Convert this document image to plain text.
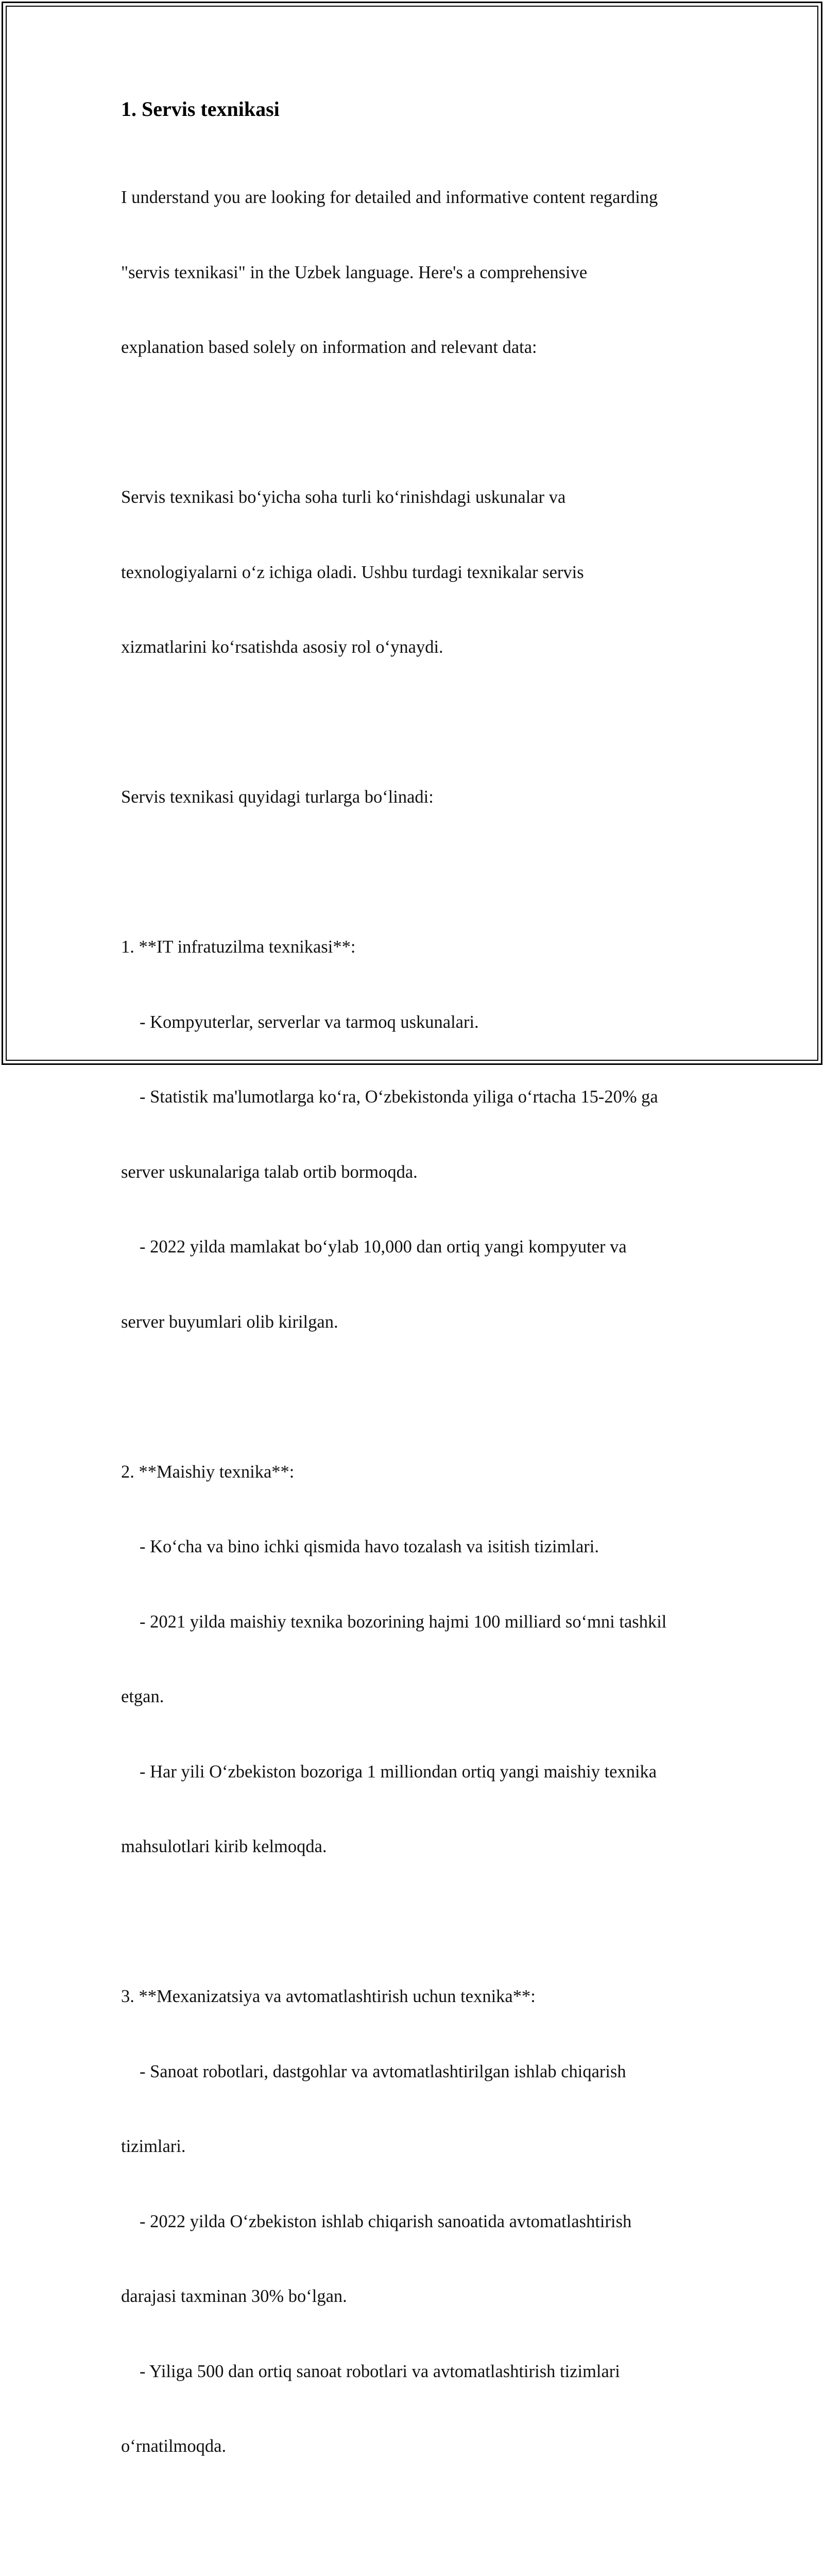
1. Servis texnikasi

I understand you are looking for detailed and informative content regarding

"servis texnikasi" in the Uzbek language. Here's a comprehensive

explanation based solely on information and relevant data:

Servis texnikasi bo‘yicha soha turli ko‘rinishdagi uskunalar va

texnologiyalarni o‘z ichiga oladi. Ushbu turdagi texnikalar servis

xizmatlarini ko‘rsatishda asosiy rol o‘ynaydi.

Servis texnikasi quyidagi turlarga bo‘linadi:

1. **IT infratuzilma texnikasi**:

- Kompyuterlar, serverlar va tarmoq uskunalari.

- Statistik ma'lumotlarga ko‘ra, O‘zbekistonda yiliga o‘rtacha 15-20% ga

server uskunalariga talab ortib bormoqda.

- 2022 yilda mamlakat bo‘ylab 10,000 dan ortiq yangi kompyuter va

server buyumlari olib kirilgan.

2. **Maishiy texnika**:

- Ko‘cha va bino ichki qismida havo tozalash va isitish tizimlari.

- 2021 yilda maishiy texnika bozorining hajmi 100 milliard so‘mni tashkil

etgan.

- Har yili O‘zbekiston bozoriga 1 milliondan ortiq yangi maishiy texnika

mahsulotlari kirib kelmoqda.

3. **Mexanizatsiya va avtomatlashtirish uchun texnika**:

- Sanoat robotlari, dastgohlar va avtomatlashtirilgan ishlab chiqarish

tizimlari.

- 2022 yilda O‘zbekiston ishlab chiqarish sanoatida avtomatlashtirish

darajasi taxminan 30% bo‘lgan.

- Yiliga 500 dan ortiq sanoat robotlari va avtomatlashtirish tizimlari

o‘rnatilmoqda.
